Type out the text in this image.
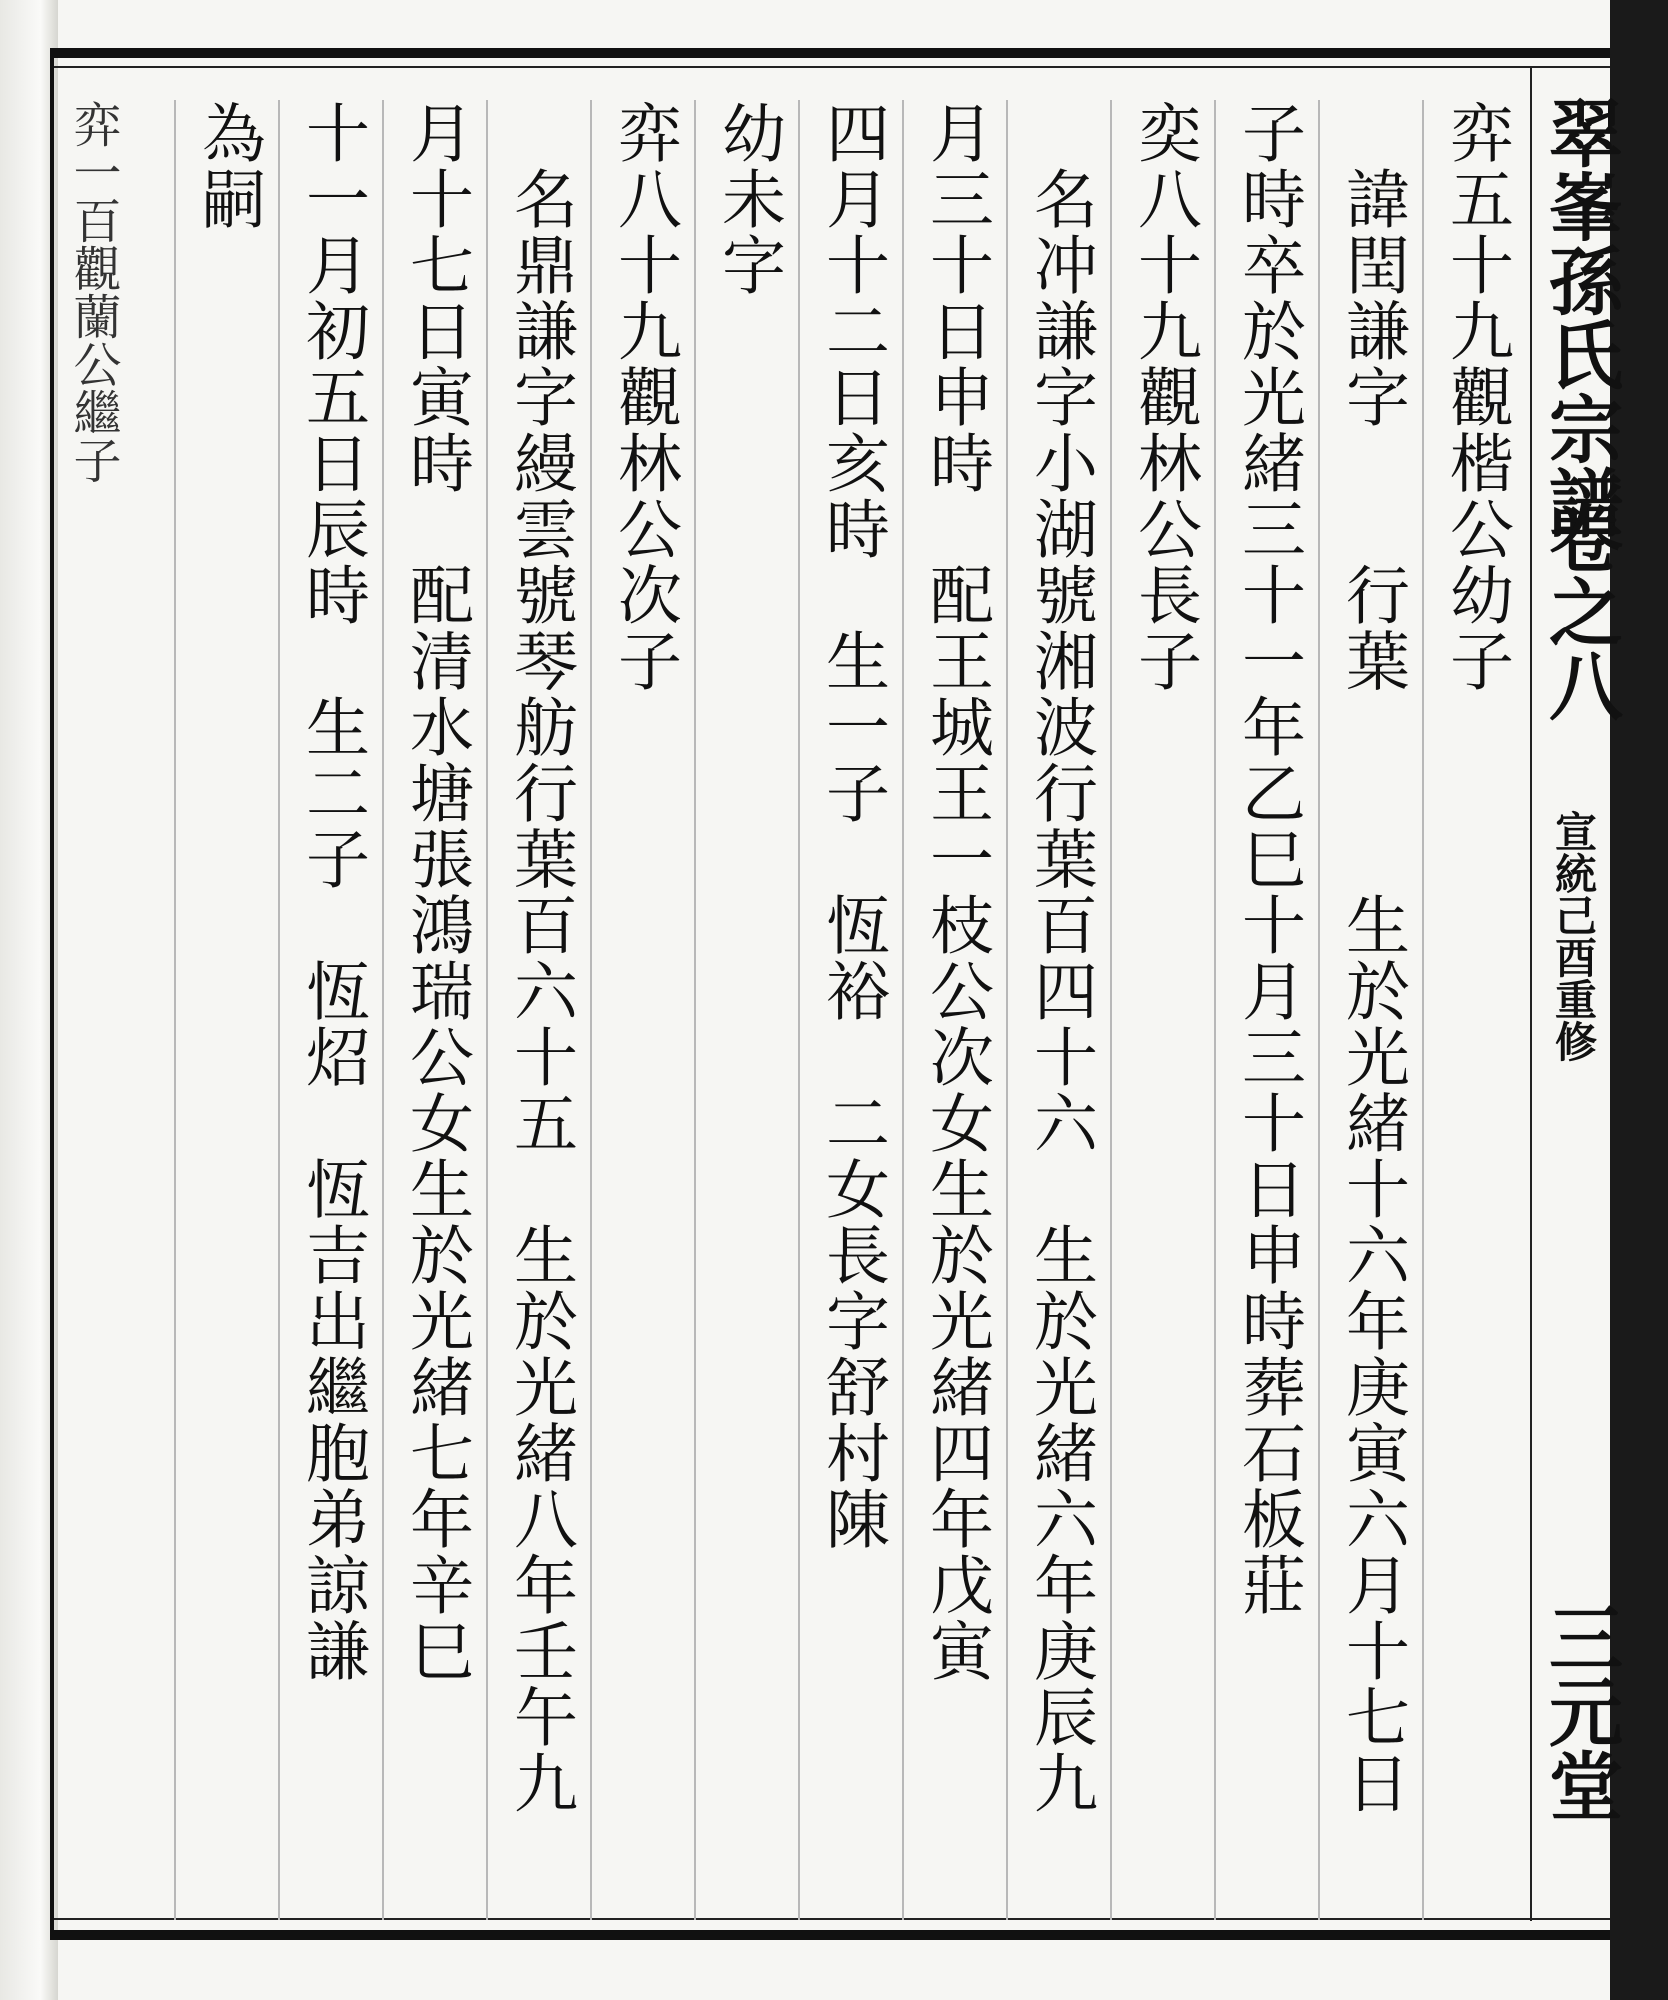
翠峯孫氏宗譜
卷之八
宣統己酉重修
三元堂
弈五十九觀楷公幼子
　諱閏謙字　　行葉　　　生於光緒十六年庚寅六月十七日
子時卒於光緒三十一年乙巳十月三十日申時葬石板莊
奕八十九觀林公長子
　名冲謙字小湖號湘波行葉百四十六　生於光緒六年庚辰九
月三十日申時　配王城王一枝公次女生於光緒四年戊寅
四月十二日亥時　生一子　恆裕　二女長字舒村陳
幼未字
弈八十九觀林公次子
　名鼎謙字縵雲號琴舫行葉百六十五　生於光緒八年壬午九
月十七日寅時　配清水塘張鴻瑞公女生於光緒七年辛巳
十一月初五日辰時　生二子　恆炤　恆吉出繼胞弟諒謙
為嗣
弈一百觀蘭公繼子
